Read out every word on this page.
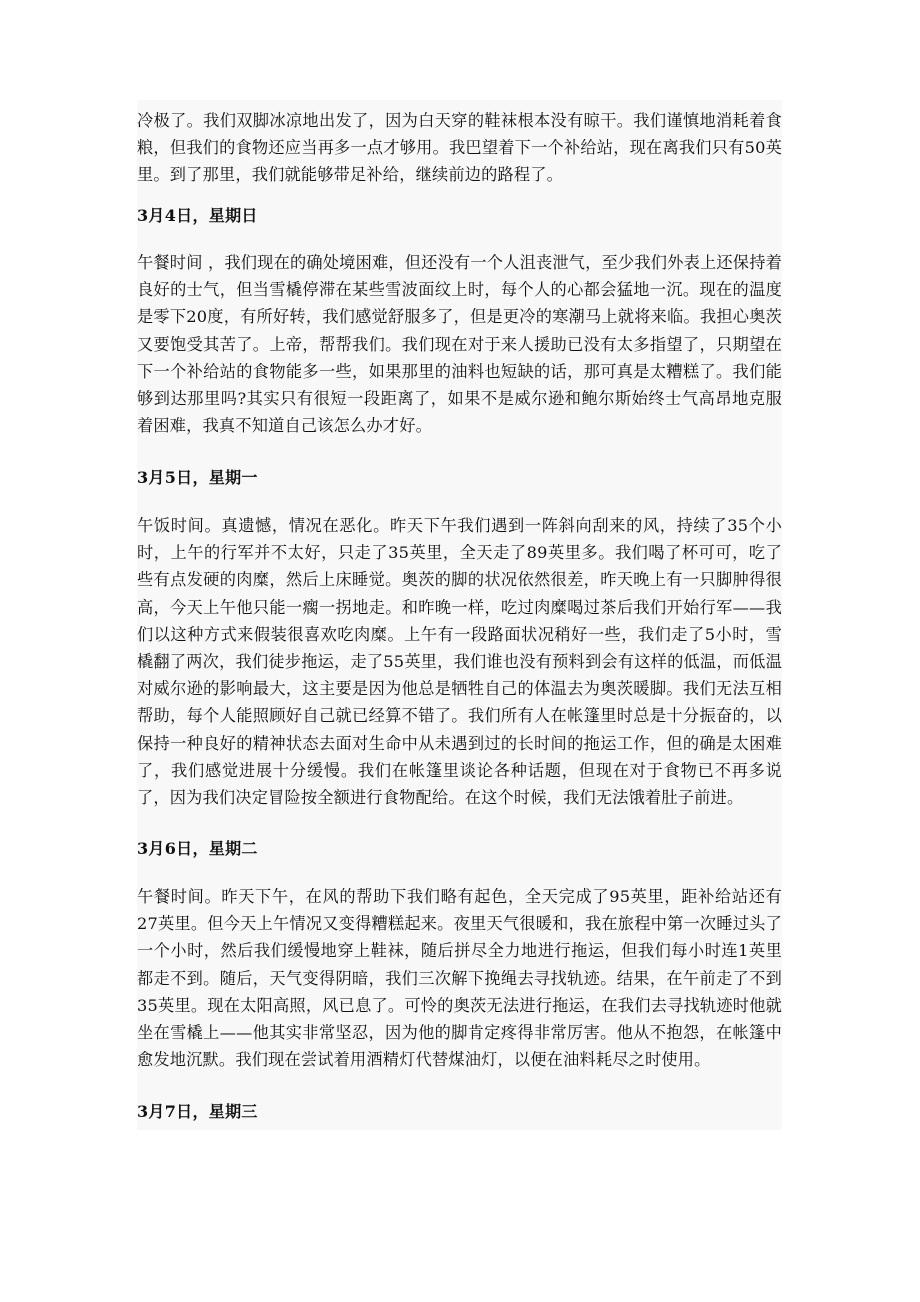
冷极了。我们双脚冰凉地出发了，因为白天穿的鞋袜根本没有晾干。我们谨慎地消耗着食粮，但我们的食物还应当再多一点才够用。我巴望着下一个补给站，现在离我们只有50英里。到了那里，我们就能够带足补给，继续前边的路程了。

3月4日，星期日

午餐时间 ，我们现在的确处境困难，但还没有一个人沮丧泄气，至少我们外表上还保持着良好的士气，但当雪橇停滞在某些雪波面纹上时，每个人的心都会猛地一沉。现在的温度是零下20度，有所好转，我们感觉舒服多了，但是更冷的寒潮马上就将来临。我担心奥茨又要饱受其苦了。上帝，帮帮我们。我们现在对于来人援助已没有太多指望了，只期望在下一个补给站的食物能多一些，如果那里的油料也短缺的话，那可真是太糟糕了。我们能够到达那里吗?其实只有很短一段距离了，如果不是威尔逊和鲍尔斯始终士气高昂地克服着困难，我真不知道自己该怎么办才好。

3月5日，星期一

午饭时间。真遗憾，情况在恶化。昨天下午我们遇到一阵斜向刮来的风，持续了35个小时，上午的行军并不太好，只走了35英里，全天走了89英里多。我们喝了杯可可，吃了些有点发硬的肉糜，然后上床睡觉。奥茨的脚的状况依然很差，昨天晚上有一只脚肿得很高，今天上午他只能一瘸一拐地走。和昨晚一样，吃过肉糜喝过茶后我们开始行军——我们以这种方式来假装很喜欢吃肉糜。上午有一段路面状况稍好一些，我们走了5小时，雪橇翻了两次，我们徒步拖运，走了55英里，我们谁也没有预料到会有这样的低温，而低温对威尔逊的影响最大，这主要是因为他总是牺牲自己的体温去为奥茨暖脚。我们无法互相帮助，每个人能照顾好自己就已经算不错了。我们所有人在帐篷里时总是十分振奋的，以保持一种良好的精神状态去面对生命中从未遇到过的长时间的拖运工作，但的确是太困难了，我们感觉进展十分缓慢。我们在帐篷里谈论各种话题，但现在对于食物已不再多说了，因为我们决定冒险按全额进行食物配给。在这个时候，我们无法饿着肚子前进。

3月6日，星期二

午餐时间。昨天下午，在风的帮助下我们略有起色，全天完成了95英里，距补给站还有27英里。但今天上午情况又变得糟糕起来。夜里天气很暖和，我在旅程中第一次睡过头了一个小时，然后我们缓慢地穿上鞋袜，随后拼尽全力地进行拖运，但我们每小时连1英里都走不到。随后，天气变得阴暗，我们三次解下挽绳去寻找轨迹。结果，在午前走了不到35英里。现在太阳高照，风已息了。可怜的奥茨无法进行拖运，在我们去寻找轨迹时他就坐在雪橇上——他其实非常坚忍，因为他的脚肯定疼得非常厉害。他从不抱怨，在帐篷中愈发地沉默。我们现在尝试着用酒精灯代替煤油灯，以便在油料耗尽之时使用。

3月7日，星期三
